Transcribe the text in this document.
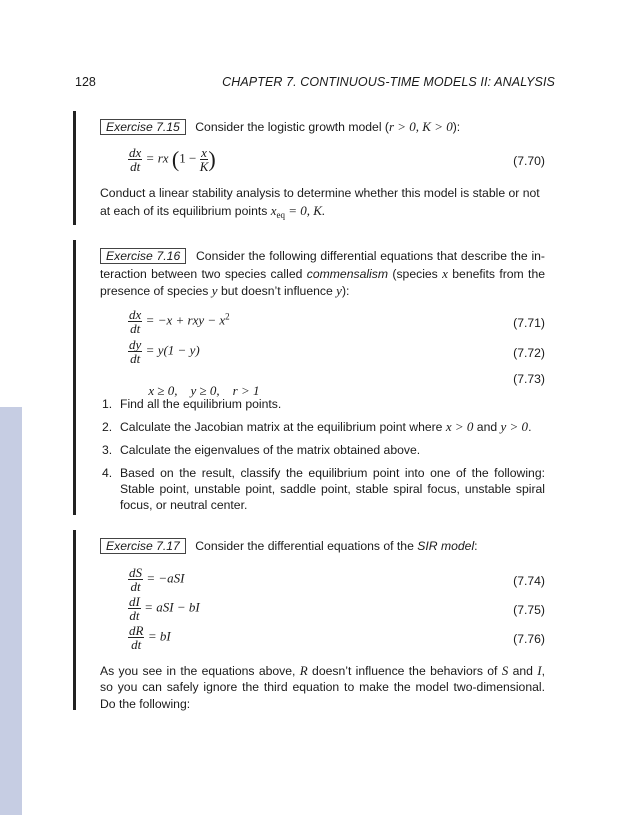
128	CHAPTER 7. CONTINUOUS-TIME MODELS II: ANALYSIS
Exercise 7.15 Consider the logistic growth model (r > 0, K > 0):
$\frac{dx}{dt}$ = rx ($1 - \frac{x}{K}$ )	(7.70)
Conduct a linear stability analysis to determine whether this model is stable or not
at each of its equilibrium points $x_{eq} = 0$, K.
Exercise 7.16 Consider the following differential equations that describe the in-
teraction between two species called commensalism (species x benefits from the
presence of species y but doesn’t influence y):
$\frac{dx}{dt} = -x$ + rxy − $x^2$	(7.71)
$\frac{dy}{dt} = y(1 - y)$	(7.72)

x ≥ 0,    y ≥ 0,    r > 1

(7.73)
1. Find all the equilibrium points.
2. Calculate the Jacobian matrix at the equilibrium point where x > 0 and y > 0.
3. Calculate the eigenvalues of the matrix obtained above.
4. Based on the result, classify the equilibrium point into one of the following:
Stable point, unstable point, saddle point, stable spiral focus, unstable spiral
focus, or neutral center.
Exercise 7.17 Consider the differential equations of the SIR model:
$\frac{dS}{dt} = -aSI$	(7.74)
$\frac{dI}{dt}$ = aSI − bI	(7.75)
$\frac{dR}{dt}$ = bI	(7.76)
As you see in the equations above, R doesn’t influence the behaviors of S and I,
so you can safely ignore the third equation to make the model two-dimensional.
Do the following:
